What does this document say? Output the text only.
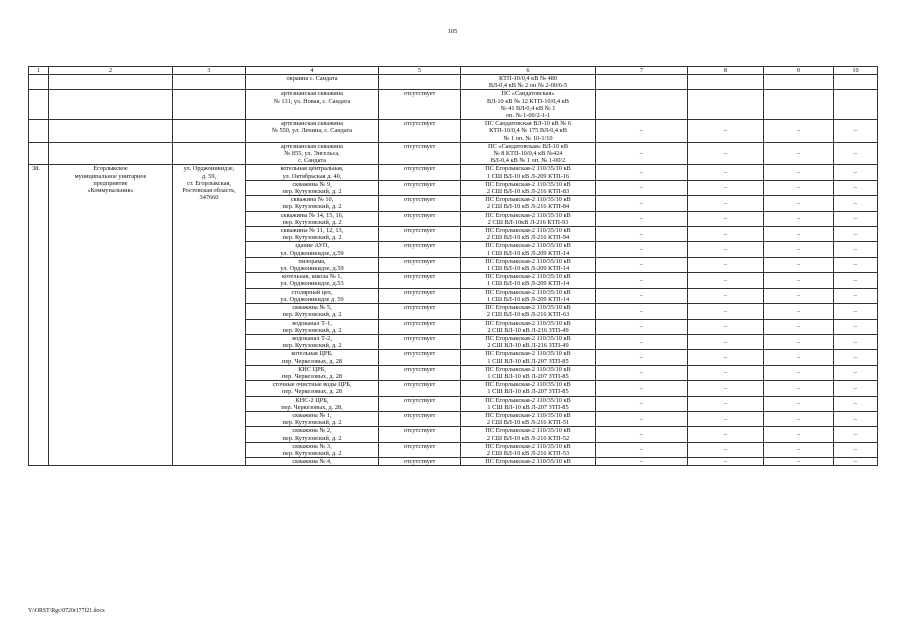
105
1	2	3	4	5	6	7	8	9	10

			окраина с. Сандата		КТП-10/0,4 кВ № 480
ВЛ-0,4 кВ № 2 оп № 2-00/6-5				

			артезианская скважина
№ 131, ул. Новая, с. Сандата	отсутствует	ПС «Сандатовская»
ВЛ-10 кВ № 12 КТП-10/0,4 кВ
№ 41 ВЛ-0,4 кВ № 1
оп. № 1-00/2-1-1				

			артезианская скважина
№ 550, ул. Ленина, с. Сандата	отсутствует	ПС Сандатовская ВЛ-10 кВ № 6
КТП-10/0,4 № 175 ВЛ-0,4 кВ
№ 1 оп. № 10-1/10	–	–	–	–

			артезианская скважина
№ 855, ул. Энгельса,
с. Сандата	отсутствует	ПС «Сандатовская» ВЛ-10 кВ
№ 8 КТП-10/0,4 кВ №424
ВЛ-0,4 кВ № 1 оп. № 1-00/2	–	–	–	–
38.	Егорлыкское
муниципальное унитарное
предприятие
«Коммунальник»	ул. Орджоникидзе,
д. 59,
ст. Егорлыкская,
Ростовская область,
347660	котельная центральная,
ул. Октябрьская д. 40,	отсутствует	ПС Егорлыкская-2 110/35/10 кВ
1 СШ ВЛ-10 кВ Л-209 КТП-16	–	–	–	–

			скважина № 9,
пер. Кутузовский, д. 2	отсутствует	ПС Егорлыкская-2 110/35/10 кВ
2 СШ ВЛ-10 кВ Л-216 КТП-83	–	–	–	–

			скважина № 10,
пер. Кутузовский, д. 2	отсутствует	ПС Егорлыкская-2 110/35/10 кВ
2 СШ ВЛ-10 кВ Л-216 КТП-84	–	–	–	–

			скважины № 14, 15, 16,
пер. Кутузовский, д. 2	отсутствует	ПС Егорлыкская-2 110/35/10 кВ
2 СШ ВЛ-10кВ Л-216 КТП-93	–	–	–	–

			скважины № 11, 12, 13,
пер. Кутузовский, д. 2	отсутствует	ПС Егорлыкская-2 110/35/10 кВ
2 СШ ВЛ-10 кВ Л-216 КТП-94	–	–	–	–

			здание АУП,
ул. Орджоникидзе, д.59	отсутствует	ПС Егорлыкская-2 110/35/10 кВ
1 СШ ВЛ-10 кВ Л-209 КТП-14	–	–	–	–

			пилорама,
ул. Орджоникидзе, д.59	отсутствует	ПС Егорлыкская-2 110/35/10 кВ
1 СШ ВЛ-10 кВ Л-209 КТП-14	–	–	–	–

			котельная, школа № 1,
ул. Орджоникидзе, д.53	отсутствует	ПС Егорлыкская-2 110/35/10 кВ
1 СШ ВЛ-10 кВ Л-209 КТП-14	–	–	–	–

			столярный цех,
ул. Орджоникидзе д. 59	отсутствует	ПС Егорлыкская-2 110/35/10 кВ
1 СШ ВЛ-10 кВ Л-209 КТП-14	–	–	–	–

			скважина № 5,
пер. Кутузовский, д. 2	отсутствует	ПС Егорлыкская-2 110/35/10 кВ
2 СШ ВЛ-10 кВ Л-216 КТП-63	–	–	–	–

			водоканал Т-1,
пер. Кутузовский, д. 2	отсутствует	ПС Егорлыкская-2 110/35/10 кВ
2 СШ ВЛ-10 кВ Л-216 ЗТП-49	–	–	–	–

			водоканал Т-2,
пер. Кутузовский, д. 2	отсутствует	ПС Егорлыкская-2 110/35/10 кВ
2 СШ ВЛ-10 кВ Л-216 ЗТП-49	–	–	–	–

			котельная ЦРБ,
пер. Черкезовых, д. 28	отсутствует	ПС Егорлыкская-2 110/35/10 кВ
1 СШ ВЛ-10 кВ Л-207 ЗТП-85	–	–	–	–

			КНС ЦРБ,
пер. Черкезовых, д. 28	отсутствует	ПС Егорлыкская-2 110/35/10 кВ
1 СШ ВЛ-10 кВ Л-207 ЗТП-85	–	–	–	–

			сточные очистные воды ЦРБ,
пер. Черкезовых, д. 28	отсутствует	ПС Егорлыкская-2 110/35/10 кВ
1 СШ ВЛ-10 кВ Л-207 ЗТП-85	–	–	–	–

			КНС-2 ЦРБ,
пер. Черкезовых, д. 28,	отсутствует	ПС Егорлыкская-2 110/35/10 кВ
1 СШ ВЛ-10 кВ Л-207 ЗТП-85	–	–	–	–

			скважина № 1,
пер. Кутузовский, д. 2	отсутствует	ПС Егорлыкская-2 110/35/10 кВ
2 СШ ВЛ-10 кВ Л-216 КТП-51	–	–	–	–

			скважина № 2,
пер. Кутузовский, д. 2	отсутствует	ПС Егорлыкская-2 110/35/10 кВ
2 СШ ВЛ-10 кВ Л-216 КТП-52	–	–	–	–

			скважина № 3,
пер. Кутузовский, д. 2	отсутствует	ПС Егорлыкская-2 110/35/10 кВ
2 СШ ВЛ-10 кВ Л-216 КТП-53	–	–	–	–

			скважина № 4,	отсутствует	ПС Егорлыкская-2 110/35/10 кВ	–	–	–	–
Y:\ORST\Rgc\0720r177f21.docx
